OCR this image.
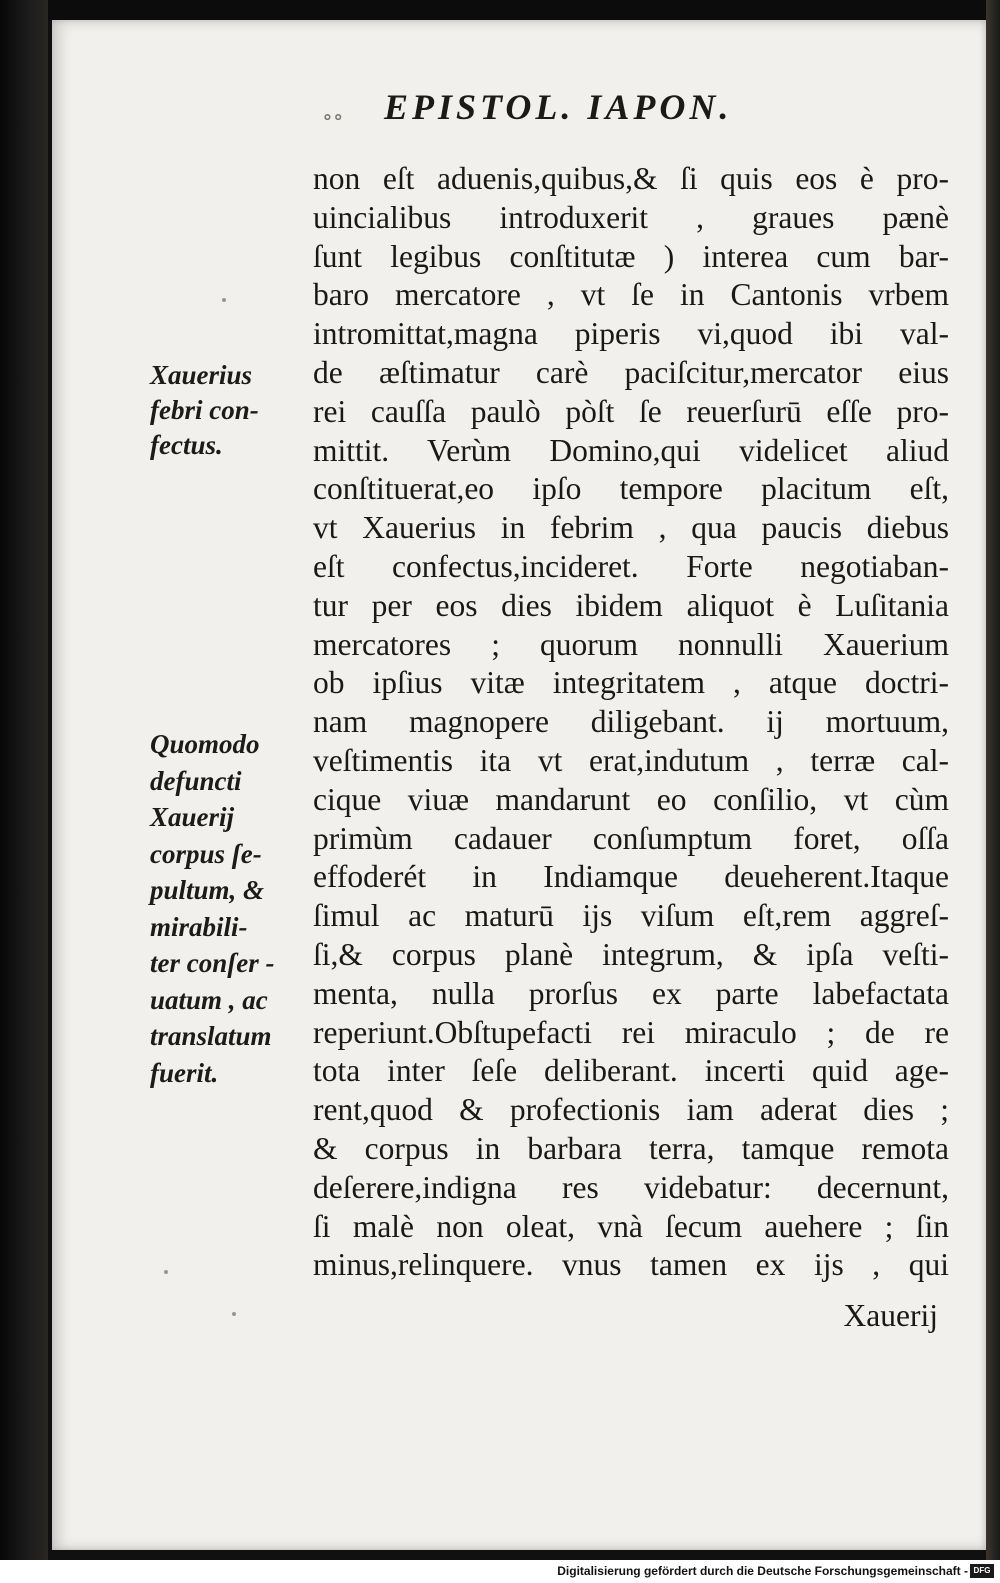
∘∘ EPISTOL. IAPON.
non eſt aduenis,quibus,& ſi quis eos è pro-
uincialibus introduxerit , graues pænè
ſunt legibus conſtitutæ ) interea cum bar-
baro mercatore , vt ſe in Cantonis vrbem
intromittat,magna piperis vi,quod ibi val-
de æſtimatur carè paciſcitur,mercator eius
rei cauſſa paulò pòſt ſe reuerſurū eſſe pro-
mittit. Verùm Domino,qui videlicet aliud
conſtituerat,eo ipſo tempore placitum eſt,
vt Xauerius in febrim , qua paucis diebus
eſt confectus,incideret. Forte negotiaban-
tur per eos dies ibidem aliquot è Luſitania
mercatores ; quorum nonnulli Xauerium
ob ipſius vitæ integritatem , atque doctri-
nam magnopere diligebant. ij mortuum,
veſtimentis ita vt erat,indutum , terræ cal-
cique viuæ mandarunt eo conſilio, vt cùm
primùm cadauer conſumptum foret, oſſa
effoderét in Indiamque deueherent.Itaque
ſimul ac maturū ijs viſum eſt,rem aggreſ-
ſi,& corpus planè integrum, & ipſa veſti-
menta, nulla prorſus ex parte labefactata
reperiunt.Obſtupefacti rei miraculo ; de re
tota inter ſeſe deliberant. incerti quid age-
rent,quod & profectionis iam aderat dies ;
& corpus in barbara terra, tamque remota
deſerere,indigna res videbatur: decernunt,
ſi malè non oleat, vnà ſecum auehere ; ſin
minus,relinquere. vnus tamen ex ijs , qui
Xauerij
Xauerius
febri con-
fectus.
Quomodo
defuncti
Xauerij
corpus ſe-
pultum, &
mirabili-
ter conſer -
uatum , ac
translatum
fuerit.
Digitalisierung gefördert durch die Deutsche Forschungsgemeinschaft - DFG
